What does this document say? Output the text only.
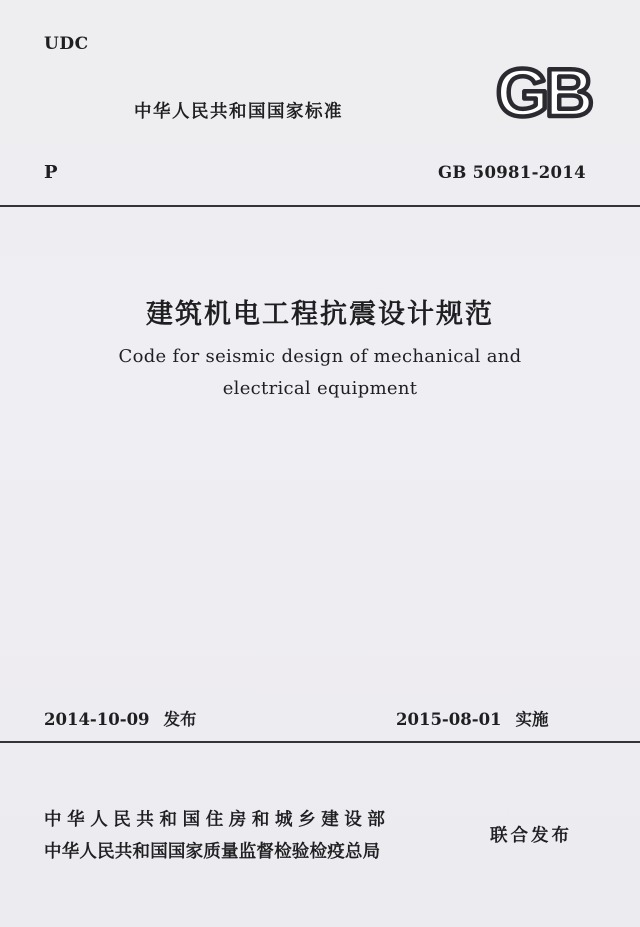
UDC
中华人民共和国国家标准 GB
P	GB 50981-2014
建筑机电工程抗震设计规范
Code for seismic design of mechanical and
electrical equipment
2014-10-09 发布	2015-08-01 实施
中华人民共和国住房和城乡建设部
中华人民共和国国家质量监督检验检疫总局
联合发布
